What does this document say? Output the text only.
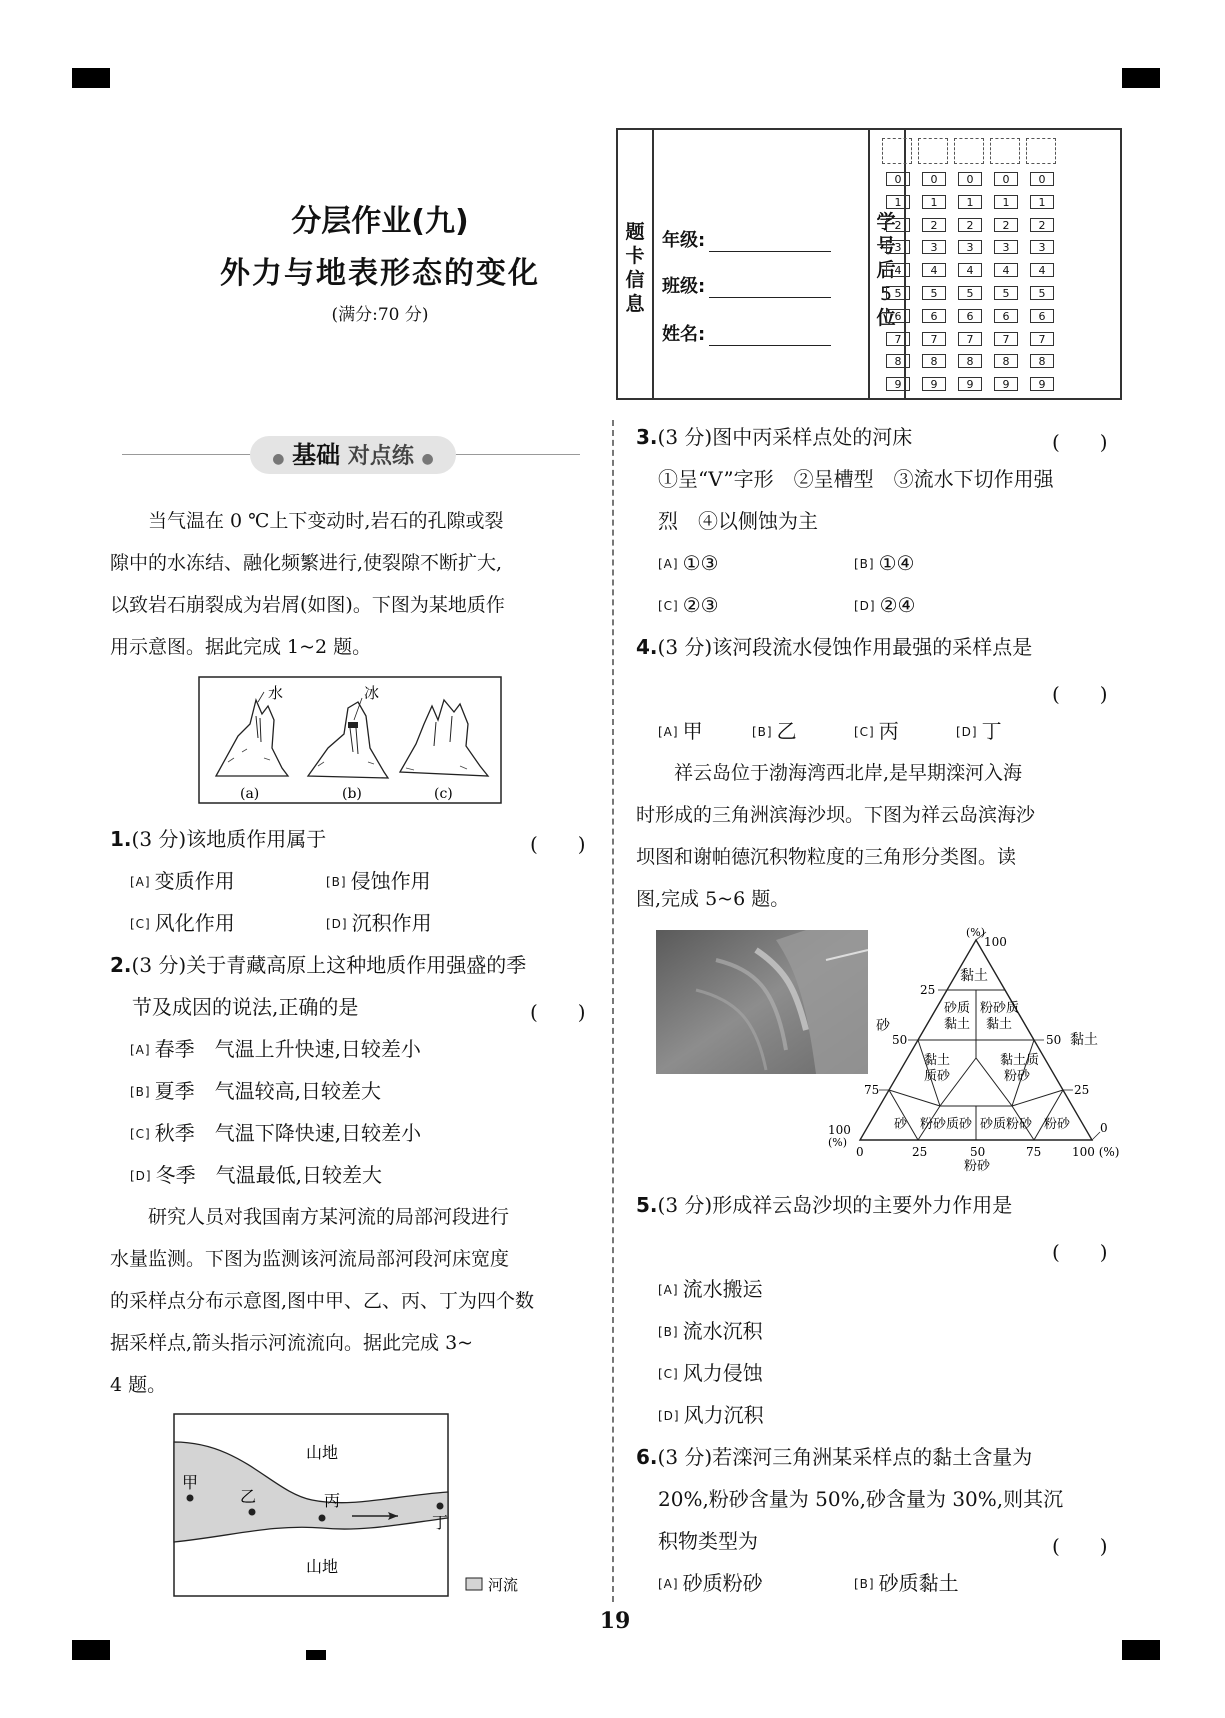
分层作业(九)
外力与地表形态的变化
(满分:70 分)
题
卡
信
息
年级:
班级:
姓名:
学
号
后
5
位
0
1
2
3
4
5
6
7
8
9
0
1
2
3
4
5
6
7
8
9
0
1
2
3
4
5
6
7
8
9
0
1
2
3
4
5
6
7
8
9
0
1
2
3
4
5
6
7
8
9
● 基础 对点练 ●
当气温在 0 ℃上下变动时,岩石的孔隙或裂
隙中的水冻结、融化频繁进行,使裂隙不断扩大,
以致岩石崩裂成为岩屑(如图)。下图为某地质作
用示意图。据此完成 1~2 题。
水	冰
(a)	(b)	(c)
1.(3 分)该地质作用属于	(　　)
[A] 变质作用	[B] 侵蚀作用
[C] 风化作用	[D] 沉积作用
2.(3 分)关于青藏高原上这种地质作用强盛的季
节及成因的说法,正确的是	(　　)
[A] 春季　气温上升快速,日较差小
[B] 夏季　气温较高,日较差大
[C] 秋季　气温下降快速,日较差小
[D] 冬季　气温最低,日较差大
研究人员对我国南方某河流的局部河段进行
水量监测。下图为监测该河流局部河段河床宽度
的采样点分布示意图,图中甲、乙、丙、丁为四个数
据采样点,箭头指示河流流向。据此完成 3~
4 题。
山地
山地
甲
乙	丙
丁
河流
3.(3 分)图中丙采样点处的河床
①呈“V”字形　②呈槽型　③流水下切作用强
烈　④以侧蚀为主
(　　)
[A] ①③	[B] ①④
[C] ②③	[D] ②④
4.(3 分)该河段流水侵蚀作用最强的采样点是
(　　)
[A] 甲	[B] 乙	[C] 丙	[D] 丁
祥云岛位于渤海湾西北岸,是早期滦河入海
时形成的三角洲滨海沙坝。下图为祥云岛滨海沙
坝图和谢帕德沉积物粒度的三角形分类图。读
图,完成 5~6 题。
(%)
100
25
50
75
100
(%)
50
25
0
0	25	50	75	100 (%)
粉砂
砂
黏土
黏土
砂质
黏土
粉砂质
黏土
黏土
质砂
黏土质
粉砂
砂 粉砂质砂 砂质粉砂 粉砂
5.(3 分)形成祥云岛沙坝的主要外力作用是
(　　)
[A] 流水搬运
[B] 流水沉积
[C] 风力侵蚀
[D] 风力沉积
6.(3 分)若滦河三角洲某采样点的黏土含量为
20%,粉砂含量为 50%,砂含量为 30%,则其沉
积物类型为	(　　)
[A] 砂质粉砂	[B] 砂质黏土
19
